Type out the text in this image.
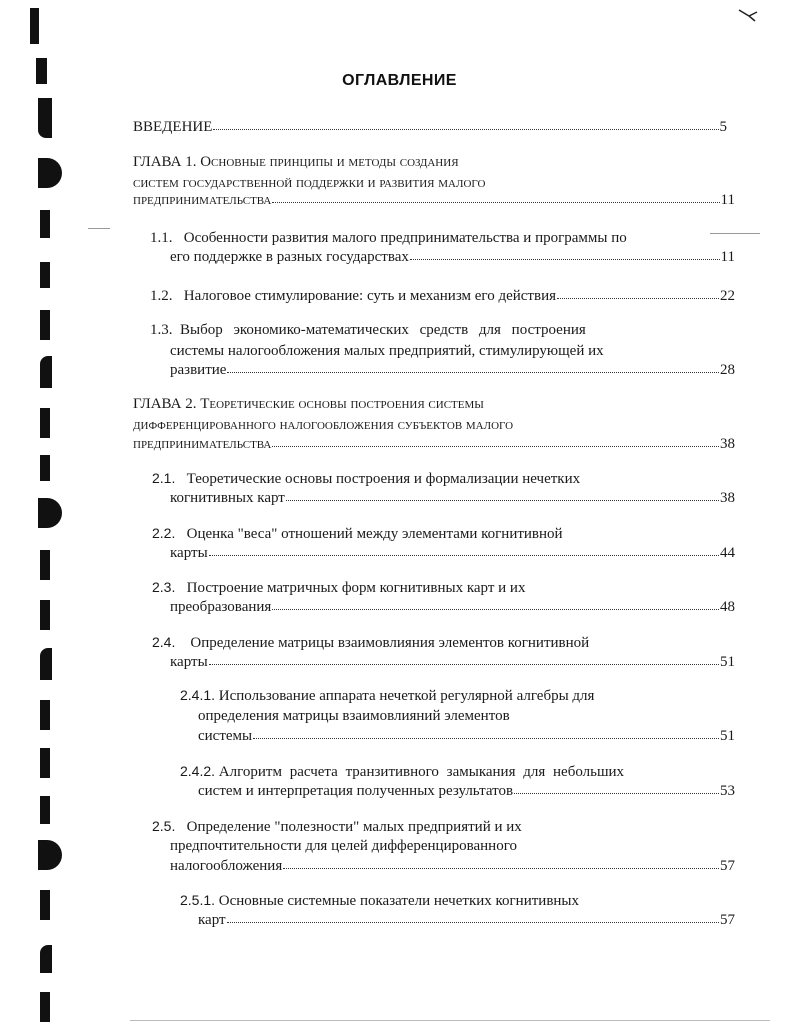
ОГЛАВЛЕНИЕ
ВВЕДЕНИЕ	5
ГЛАВА 1. Основные принципы и методы создания
систем государственной поддержки и развития малого
предпринимательства	11
1.1. Особенности развития малого предпринимательства и программы по
его поддержке в разных государствах	11
1.2. Налоговое стимулирование: суть и механизм его действия	22
1.3. Выбор экономико-математических средств для построения
системы налогообложения малых предприятий, стимулирующей их
развитие	28
ГЛАВА 2. Теоретические основы построения системы
дифференцированного налогообложения субъектов малого
предпринимательства	38
2.1. Теоретические основы построения и формализации нечетких
когнитивных карт	38
2.2. Оценка "веса" отношений между элементами когнитивной
карты	44
2.3. Построение матричных форм когнитивных карт и их
преобразования	48
2.4. Определение матрицы взаимовлияния элементов когнитивной
карты	51
2.4.1. Использование аппарата нечеткой регулярной алгебры для
определения матрицы взаимовлияний элементов
системы	51
2.4.2. Алгоритм расчета транзитивного замыкания для небольших
систем и интерпретация полученных результатов	53
2.5. Определение "полезности" малых предприятий и их
предпочтительности для целей дифференцированного
налогообложения	57
2.5.1. Основные системные показатели нечетких когнитивных
карт	57
